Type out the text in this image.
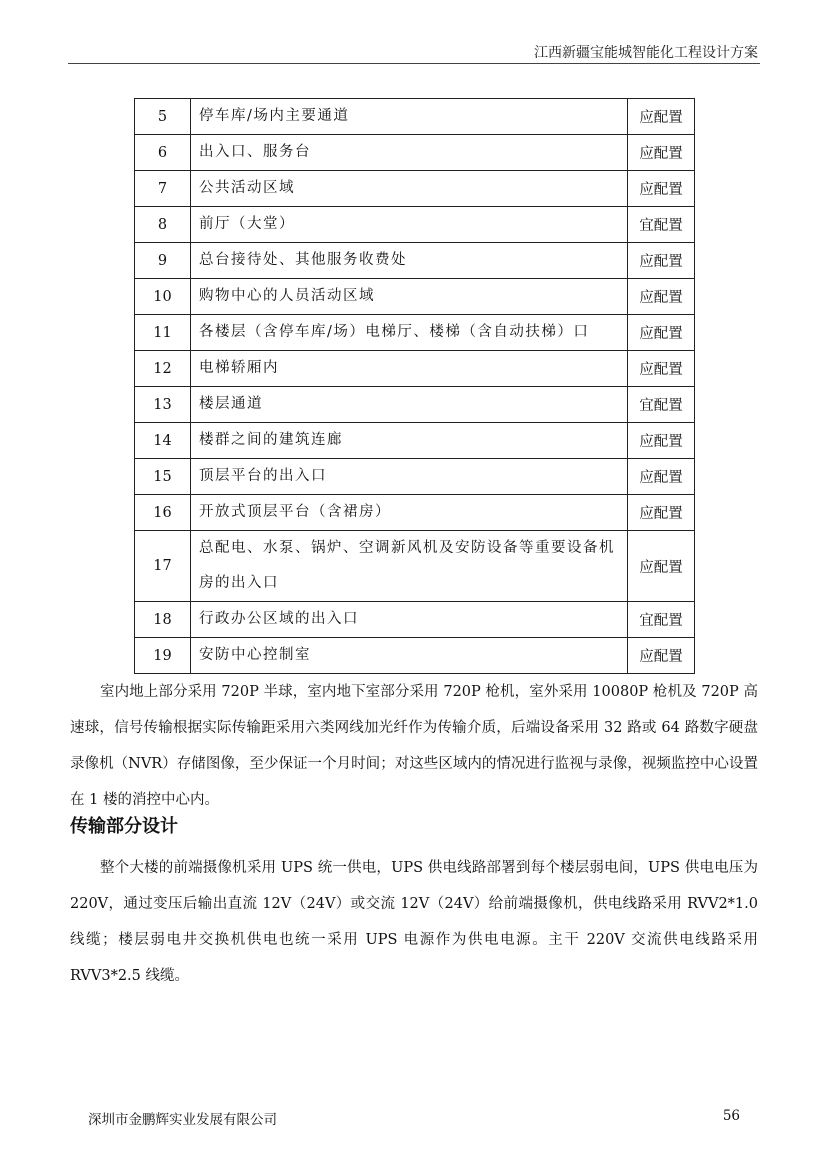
江西新疆宝能城智能化工程设计方案
5	停车库/场内主要通道	应配置
6	出入口、服务台	应配置
7	公共活动区域	应配置
8	前厅（大堂）	宜配置
9	总台接待处、其他服务收费处	应配置
10	购物中心的人员活动区域	应配置
11	各楼层（含停车库/场）电梯厅、楼梯（含自动扶梯）口	应配置
12	电梯轿厢内	应配置
13	楼层通道	宜配置
14	楼群之间的建筑连廊	应配置
15	顶层平台的出入口	应配置
16	开放式顶层平台（含裙房）	应配置
17	总配电、水泵、锅炉、空调新风机及安防设备等重要设备机房的出入口	应配置
18	行政办公区域的出入口	宜配置
19	安防中心控制室	应配置

室内地上部分采用 720P 半球，室内地下室部分采用 720P 枪机，室外采用 10080P 枪机及 720P 高速球，信号传输根据实际传输距采用六类网线加光纤作为传输介质，后端设备采用 32 路或 64 路数字硬盘录像机（NVR）存储图像，至少保证一个月时间；对这些区域内的情况进行监视与录像，视频监控中心设置在 1 楼的消控中心内。

传输部分设计

整个大楼的前端摄像机采用 UPS 统一供电，UPS 供电线路部署到每个楼层弱电间，UPS 供电电压为 220V，通过变压后输出直流 12V（24V）或交流 12V（24V）给前端摄像机，供电线路采用 RVV2*1.0 线缆；楼层弱电井交换机供电也统一采用 UPS 电源作为供电电源。主干 220V 交流供电线路采用 RVV3*2.5 线缆。

深圳市金鹏辉实业发展有限公司	56
